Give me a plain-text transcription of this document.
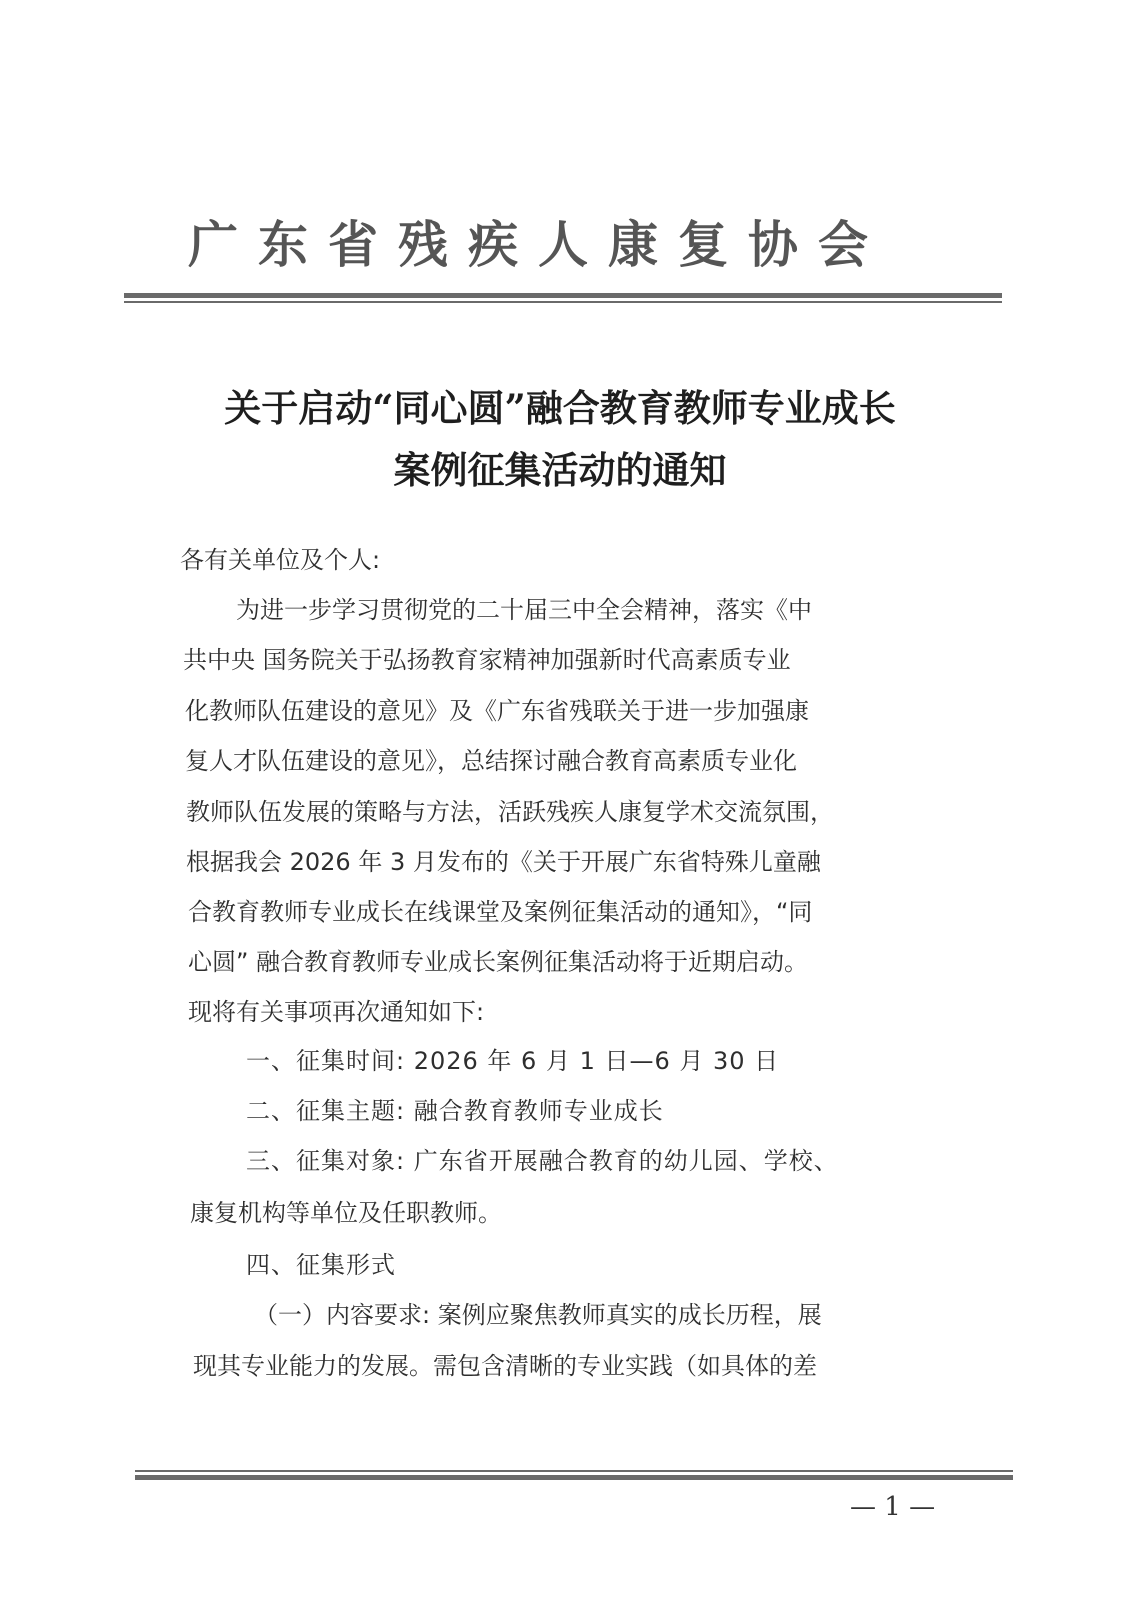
广东省残疾人康复协会
关于启动“同心圆”融合教育教师专业成长
案例征集活动的通知
各有关单位及个人:
为进一步学习贯彻党的二十届三中全会精神，落实《中
共中央 国务院关于弘扬教育家精神加强新时代高素质专业
化教师队伍建设的意见》及《广东省残联关于进一步加强康
复人才队伍建设的意见》，总结探讨融合教育高素质专业化
教师队伍发展的策略与方法，活跃残疾人康复学术交流氛围，
根据我会 2026 年 3 月发布的《关于开展广东省特殊儿童融
合教育教师专业成长在线课堂及案例征集活动的通知》，“同
心圆” 融合教育教师专业成长案例征集活动将于近期启动。
现将有关事项再次通知如下:
一、征集时间: 2026 年 6 月 1 日—6 月 30 日
二、征集主题: 融合教育教师专业成长
三、征集对象: 广东省开展融合教育的幼儿园、学校、
康复机构等单位及任职教师。
四、征集形式
（一）内容要求: 案例应聚焦教师真实的成长历程，展
现其专业能力的发展。需包含清晰的专业实践（如具体的差
— 1 —
